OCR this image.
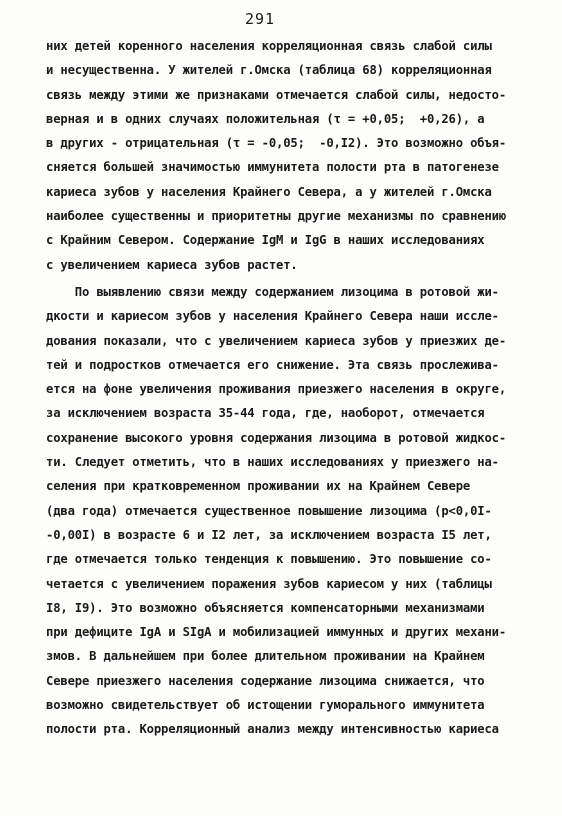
291
них детей коренного населения корреляционная связь слабой силы
и несущественна. У жителей г.Омска (таблица 68) корреляционная
связь между этими же признаками отмечается слабой силы, недосто-
верная и в одних случаях положительная (τ = +0,05;  +0,26), а
в других - отрицательная (τ = -0,05;  -0,I2). Это возможно объя-
сняется большей значимостью иммунитета полости рта в патогенезе
кариеса зубов у населения Крайнего Севера, а у жителей г.Омска
наиболее существенны и приоритетны другие механизмы по сравнению
с Крайним Севером. Содержание IgM и IgG в наших исследованиях
с увеличением кариеса зубов растет.
По выявлению связи между содержанием лизоцима в ротовой жи-
дкости и кариесом зубов у населения Крайнего Севера наши иссле-
дования показали, что с увеличением кариеса зубов у приезжих де-
тей и подростков отмечается его снижение. Эта связь прослежива-
ется на фоне увеличения проживания приезжего населения в округе,
за исключением возраста 35-44 года, где, наоборот, отмечается
сохранение высокого уровня содержания лизоцима в ротовой жидкос-
ти. Следует отметить, что в наших исследованиях у приезжего на-
селения при кратковременном проживании их на Крайнем Севере
(два года) отмечается существенное повышение лизоцима (p<0,0I-
-0,00I) в возрасте 6 и I2 лет, за исключением возраста I5 лет,
где отмечается только тенденция к повышению. Это повышение со-
четается с увеличением поражения зубов кариесом у них (таблицы
I8, I9). Это возможно объясняется компенсаторными механизмами
при дефиците IgA и SIgA и мобилизацией иммунных и других механи-
змов. В дальнейшем при более длительном проживании на Крайнем
Севере приезжего населения содержание лизоцима снижается, что
возможно свидетельствует об истощении гуморального иммунитета
полости рта. Корреляционный анализ между интенсивностью кариеса
